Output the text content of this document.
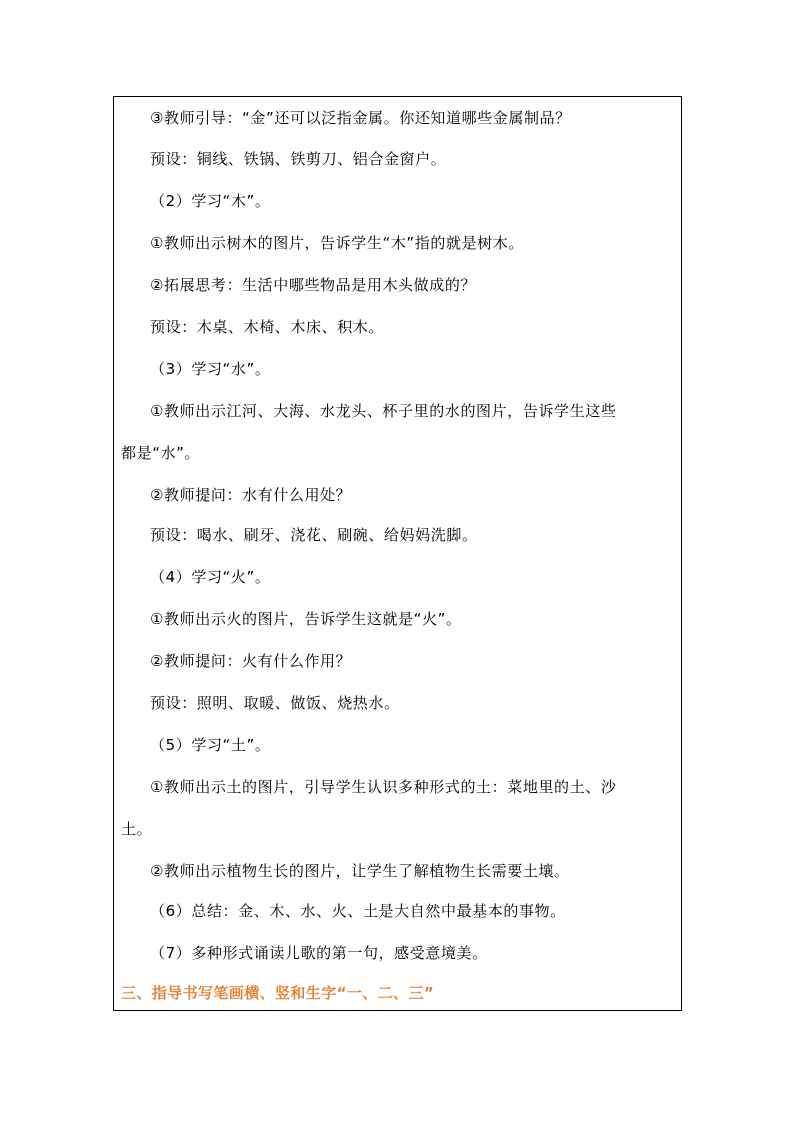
③教师引导：“金”还可以泛指金属。你还知道哪些金属制品？
预设：铜线、铁锅、铁剪刀、铝合金窗户。
（2）学习“木”。
①教师出示树木的图片，告诉学生“木”指的就是树木。
②拓展思考：生活中哪些物品是用木头做成的？
预设：木桌、木椅、木床、积木。
（3）学习“水”。
①教师出示江河、大海、水龙头、杯子里的水的图片，告诉学生这些
都是“水”。
②教师提问：水有什么用处？
预设：喝水、刷牙、浇花、刷碗、给妈妈洗脚。
（4）学习“火”。
①教师出示火的图片，告诉学生这就是“火”。
②教师提问：火有什么作用？
预设：照明、取暖、做饭、烧热水。
（5）学习“土”。
①教师出示土的图片，引导学生认识多种形式的土：菜地里的土、沙
土。
②教师出示植物生长的图片，让学生了解植物生长需要土壤。
（6）总结：金、木、水、火、土是大自然中最基本的事物。
（7）多种形式诵读儿歌的第一句，感受意境美。
三、指导书写笔画横、竖和生字“一、二、三”
